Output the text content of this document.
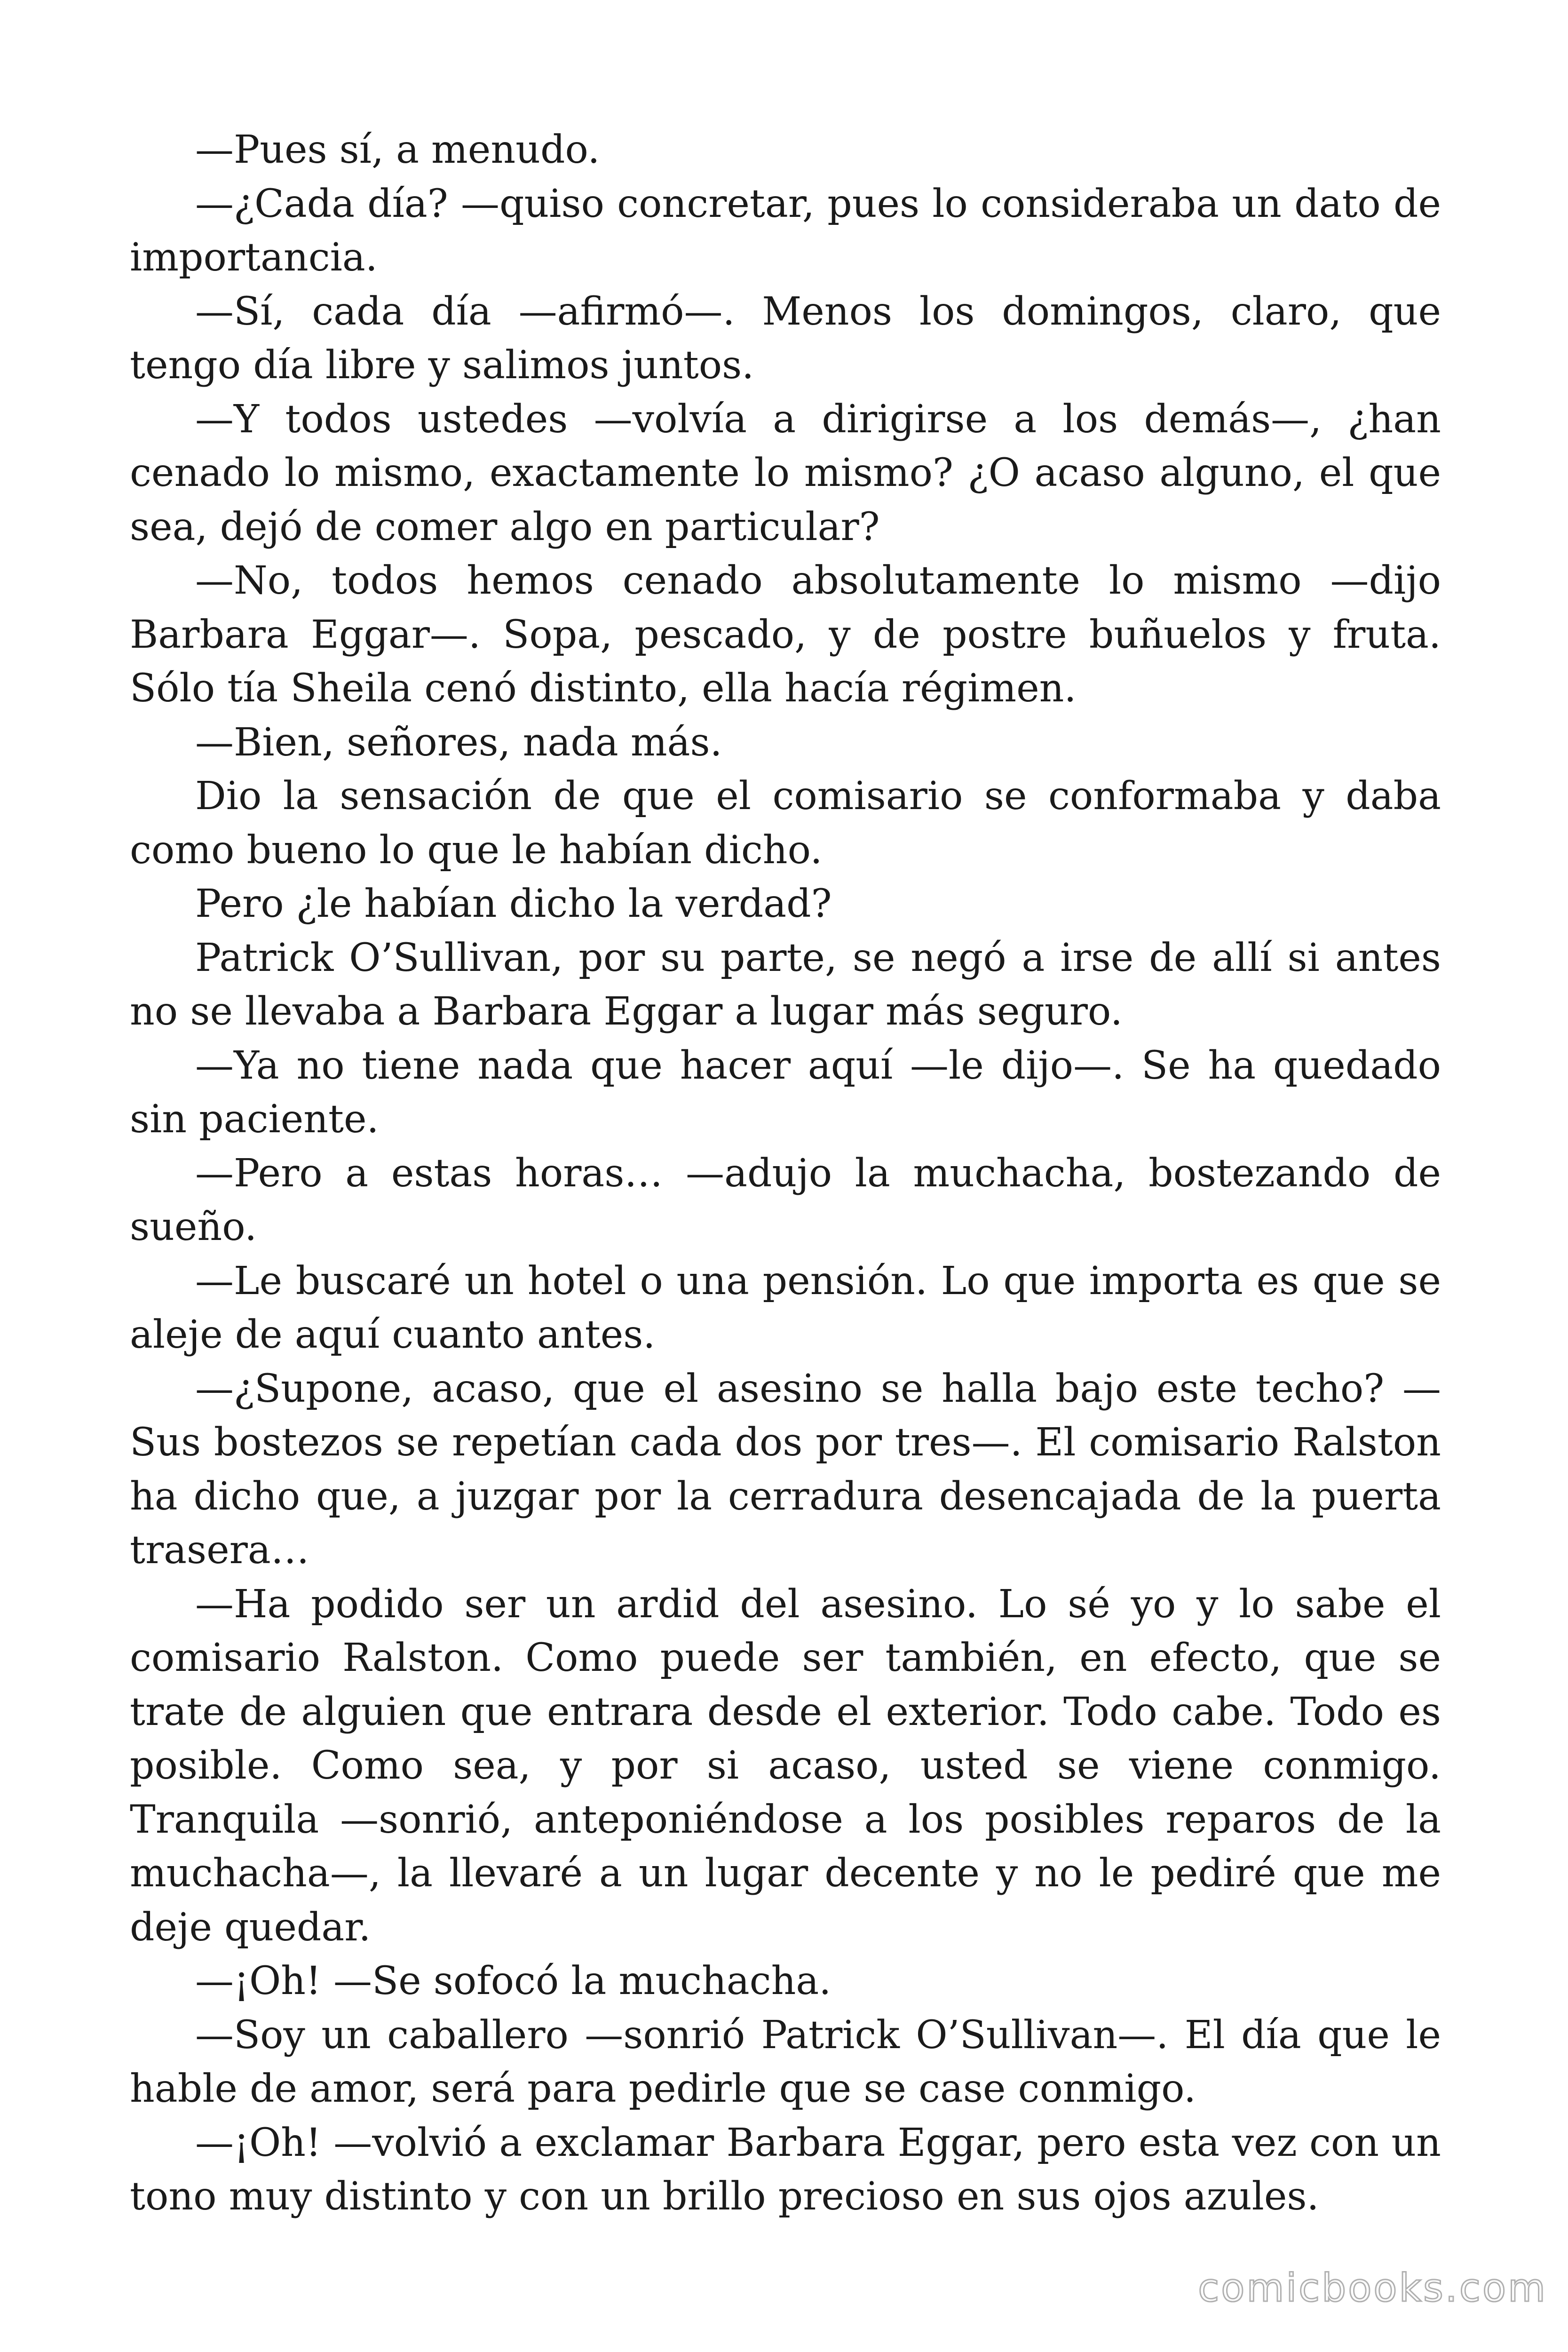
—Pues sí, a menudo.

—¿Cada día? —quiso concretar, pues lo consideraba un dato de importancia.

—Sí, cada día —afirmó—. Menos los domingos, claro, que tengo día libre y salimos juntos.

—Y todos ustedes —volvía a dirigirse a los demás—, ¿han cenado lo mismo, exactamente lo mismo? ¿O acaso alguno, el que sea, dejó de comer algo en particular?

—No, todos hemos cenado absolutamente lo mismo —dijo Barbara Eggar—. Sopa, pescado, y de postre buñuelos y fruta. Sólo tía Sheila cenó distinto, ella hacía régimen.

—Bien, señores, nada más.

Dio la sensación de que el comisario se conformaba y daba como bueno lo que le habían dicho.

Pero ¿le habían dicho la verdad?

Patrick O’Sullivan, por su parte, se negó a irse de allí si antes no se llevaba a Barbara Eggar a lugar más seguro.

—Ya no tiene nada que hacer aquí —le dijo—. Se ha quedado sin paciente.

—Pero a estas horas… —adujo la muchacha, bostezando de sueño.

—Le buscaré un hotel o una pensión. Lo que importa es que se aleje de aquí cuanto antes.

—¿Supone, acaso, que el asesino se halla bajo este techo? —Sus bostezos se repetían cada dos por tres—. El comisario Ralston ha dicho que, a juzgar por la cerradura desencajada de la puerta trasera…

—Ha podido ser un ardid del asesino. Lo sé yo y lo sabe el comisario Ralston. Como puede ser también, en efecto, que se trate de alguien que entrara desde el exterior. Todo cabe. Todo es posible. Como sea, y por si acaso, usted se viene conmigo. Tranquila —sonrió, anteponiéndose a los posibles reparos de la muchacha—, la llevaré a un lugar decente y no le pediré que me deje quedar.

—¡Oh! —Se sofocó la muchacha.

—Soy un caballero —sonrió Patrick O’Sullivan—. El día que le hable de amor, será para pedirle que se case conmigo.

—¡Oh! —volvió a exclamar Barbara Eggar, pero esta vez con un tono muy distinto y con un brillo precioso en sus ojos azules.

comicbooks.com
